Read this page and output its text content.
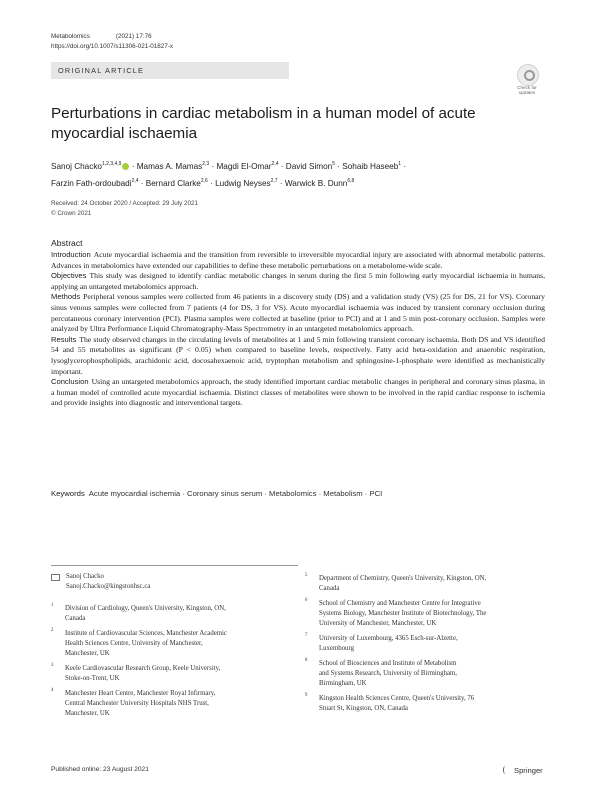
Metabolomics	(2021) 17:76
https://doi.org/10.1007/s11306-021-01827-x
ORIGINAL ARTICLE
Check for updates
Perturbations in cardiac metabolism in a human model of acute
myocardial ischaemia
Sanoj Chacko$^{1,2,3,4,9}$ · Mamas A. Mamas$^{2,3}$ · Magdi El-Omar$^{2,4}$ · David Simon$^5$ · Sohaib Haseeb$^1$ ·
Farzin Fath-ordoubadi$^{2,4}$ · Bernard Clarke$^{2,6}$ · Ludwig Neyses$^{2,7}$ · Warwick B. Dunn$^{6,8}$
Received: 24 October 2020 / Accepted: 29 July 2021
© Crown 2021
Abstract

Introduction Acute myocardial ischaemia and the transition from reversible to irreversible myocardial injury are associated with abnormal metabolic patterns. Advances in metabolomics have extended our capabilities to define these metabolic perturbations on a metabolome-wide scale.

Objectives This study was designed to identify cardiac metabolic changes in serum during the first 5 min following early myocardial ischaemia in humans, applying an untargeted metabolomics approach.

Methods Peripheral venous samples were collected from 46 patients in a discovery study (DS) and a validation study (VS) (25 for DS, 21 for VS). Coronary sinus venous samples were collected from 7 patients (4 for DS, 3 for VS). Acute myocardial ischaemia was induced by transient coronary occlusion during percutaneous coronary intervention (PCI). Plasma samples were collected at baseline (prior to PCI) and at 1 and 5 min post-coronary occlusion. Samples were analyzed by Ultra Performance Liquid Chromatography-Mass Spectrometry in an untargeted metabolomics approach.

Results The study observed changes in the circulating levels of metabolites at 1 and 5 min following transient coronary ischaemia. Both DS and VS identified 54 and 55 metabolites as significant (P < 0.05) when compared to baseline levels, respectively. Fatty acid beta-oxidation and anaerobic respiration, lysoglycerophospholipids, arachidonic acid, docosahexaenoic acid, tryptophan metabolism and sphingosine-1-phosphate were identified as mechanistically important.

Conclusion Using an untargeted metabolomics approach, the study identified important cardiac metabolic changes in peripheral and coronary sinus plasma, in a human model of controlled acute myocardial ischaemia. Distinct classes of metabolites were shown to be involved in the rapid cardiac response to ischemia and provide insights into diagnostic and interventional targets.

Keywords Acute myocardial ischemia · Coronary sinus serum · Metabolomics · Metabolism · PCI
Sanoj Chacko
Sanoj.Chacko@kingstonhsc.ca
1 Division of Cardiology, Queen's University, Kingston, ON,
Canada
2 Institute of Cardiovascular Sciences, Manchester Academic
Health Sciences Centre, University of Manchester,
Manchester, UK
3 Keele Cardiovascular Research Group, Keele University,
Stoke-on-Trent, UK
4 Manchester Heart Centre, Manchester Royal Infirmary,
Central Manchester University Hospitals NHS Trust,
Manchester, UK
5 Department of Chemistry, Queen's University, Kingston, ON,
Canada
6 School of Chemistry and Manchester Centre for Integrative
Systems Biology, Manchester Institute of Biotechnology, The
University of Manchester, Manchester, UK
7 University of Luxembourg, 4365 Esch-sur-Alzette,
Luxembourg
8 School of Biosciences and Institute of Metabolism
and Systems Research, University of Birmingham,
Birmingham, UK
9 Kingston Health Sciences Centre, Queen's University, 76
Stuart St, Kingston, ON, Canada
Published online: 23 August 2021	Springer
